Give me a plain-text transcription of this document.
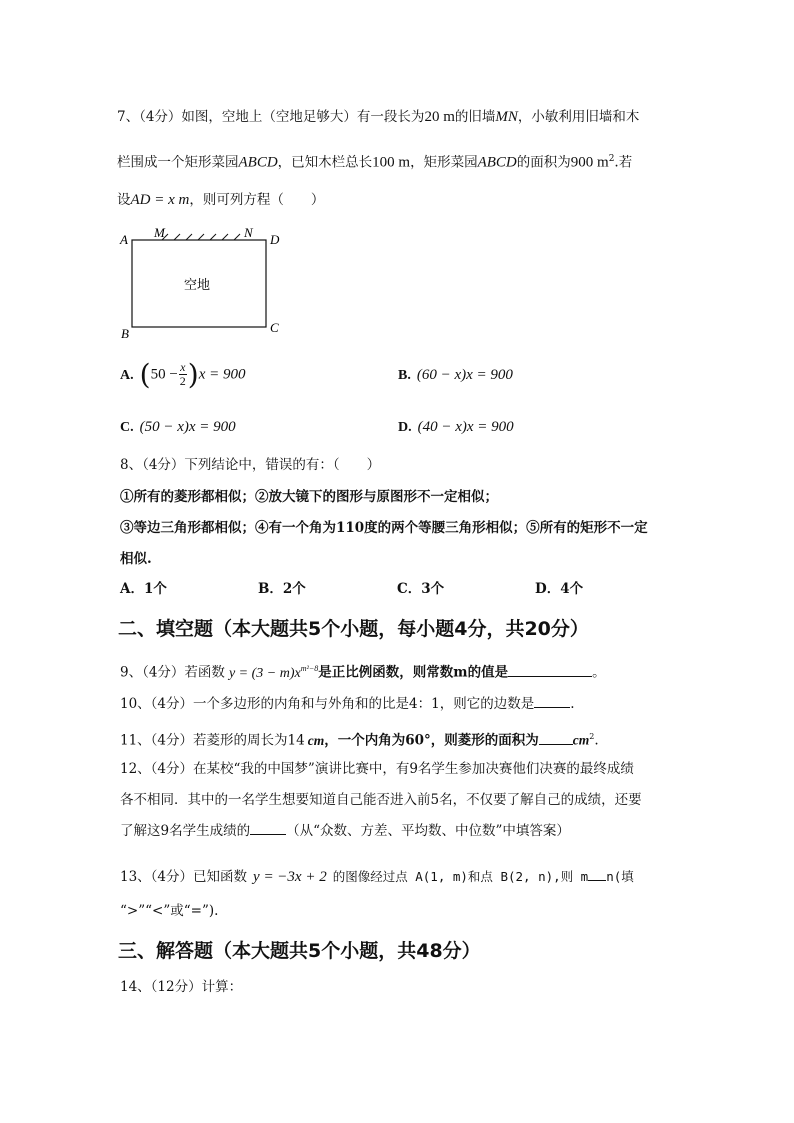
7、（4分）如图，空地上（空地足够大）有一段长为20 m的旧墙MN，小敏利用旧墙和木
栏围成一个矩形菜园ABCD，已知木栏总长100 m，矩形菜园ABCD的面积为900 $m^2$.若
设AD = x m，则可列方程（　　）
A M	N D
B	C
空地
A. $(50 - \frac{x}{2} )x = 900$	B. (60 − x)x = 900
C. (50 − x)x = 900	D. (40 − x)x = 900
8、（4分）下列结论中，错误的有：（　　）
①所有的菱形都相似；②放大镜下的图形与原图形不一定相似；
③等边三角形都相似；④有一个角为110度的两个等腰三角形相似；⑤所有的矩形不一定
相似.
A．1个	B．2个	C．3个	D．4个
二、填空题（本大题共5个小题，每小题4分，共20分）
9、（4分）若函数 $y = (3 - m)x^{m^2-8}$是正比例函数，则常数m的值是	。
10、（4分）一个多边形的内角和与外角和的比是4：1，则它的边数是	.
11、（4分）若菱形的周长为14 cm，一个内角为60°，则菱形的面积为	$cm^2$.
12、（4分）在某校“我的中国梦”演讲比赛中，有9名学生参加决赛他们决赛的最终成绩
各不相同．其中的一名学生想要知道自己能否进入前5名，不仅要了解自己的成绩，还要
了解这9名学生成绩的	（从“众数、方差、平均数、中位数”中填答案）
13、（4分）已知函数 y = −3x + 2 的图像经过点 A(1, m)和点 B(2, n),则 m n(填
“>”“<”或“=”).
三、解答题（本大题共5个小题，共48分）
14、（12分）计算：
